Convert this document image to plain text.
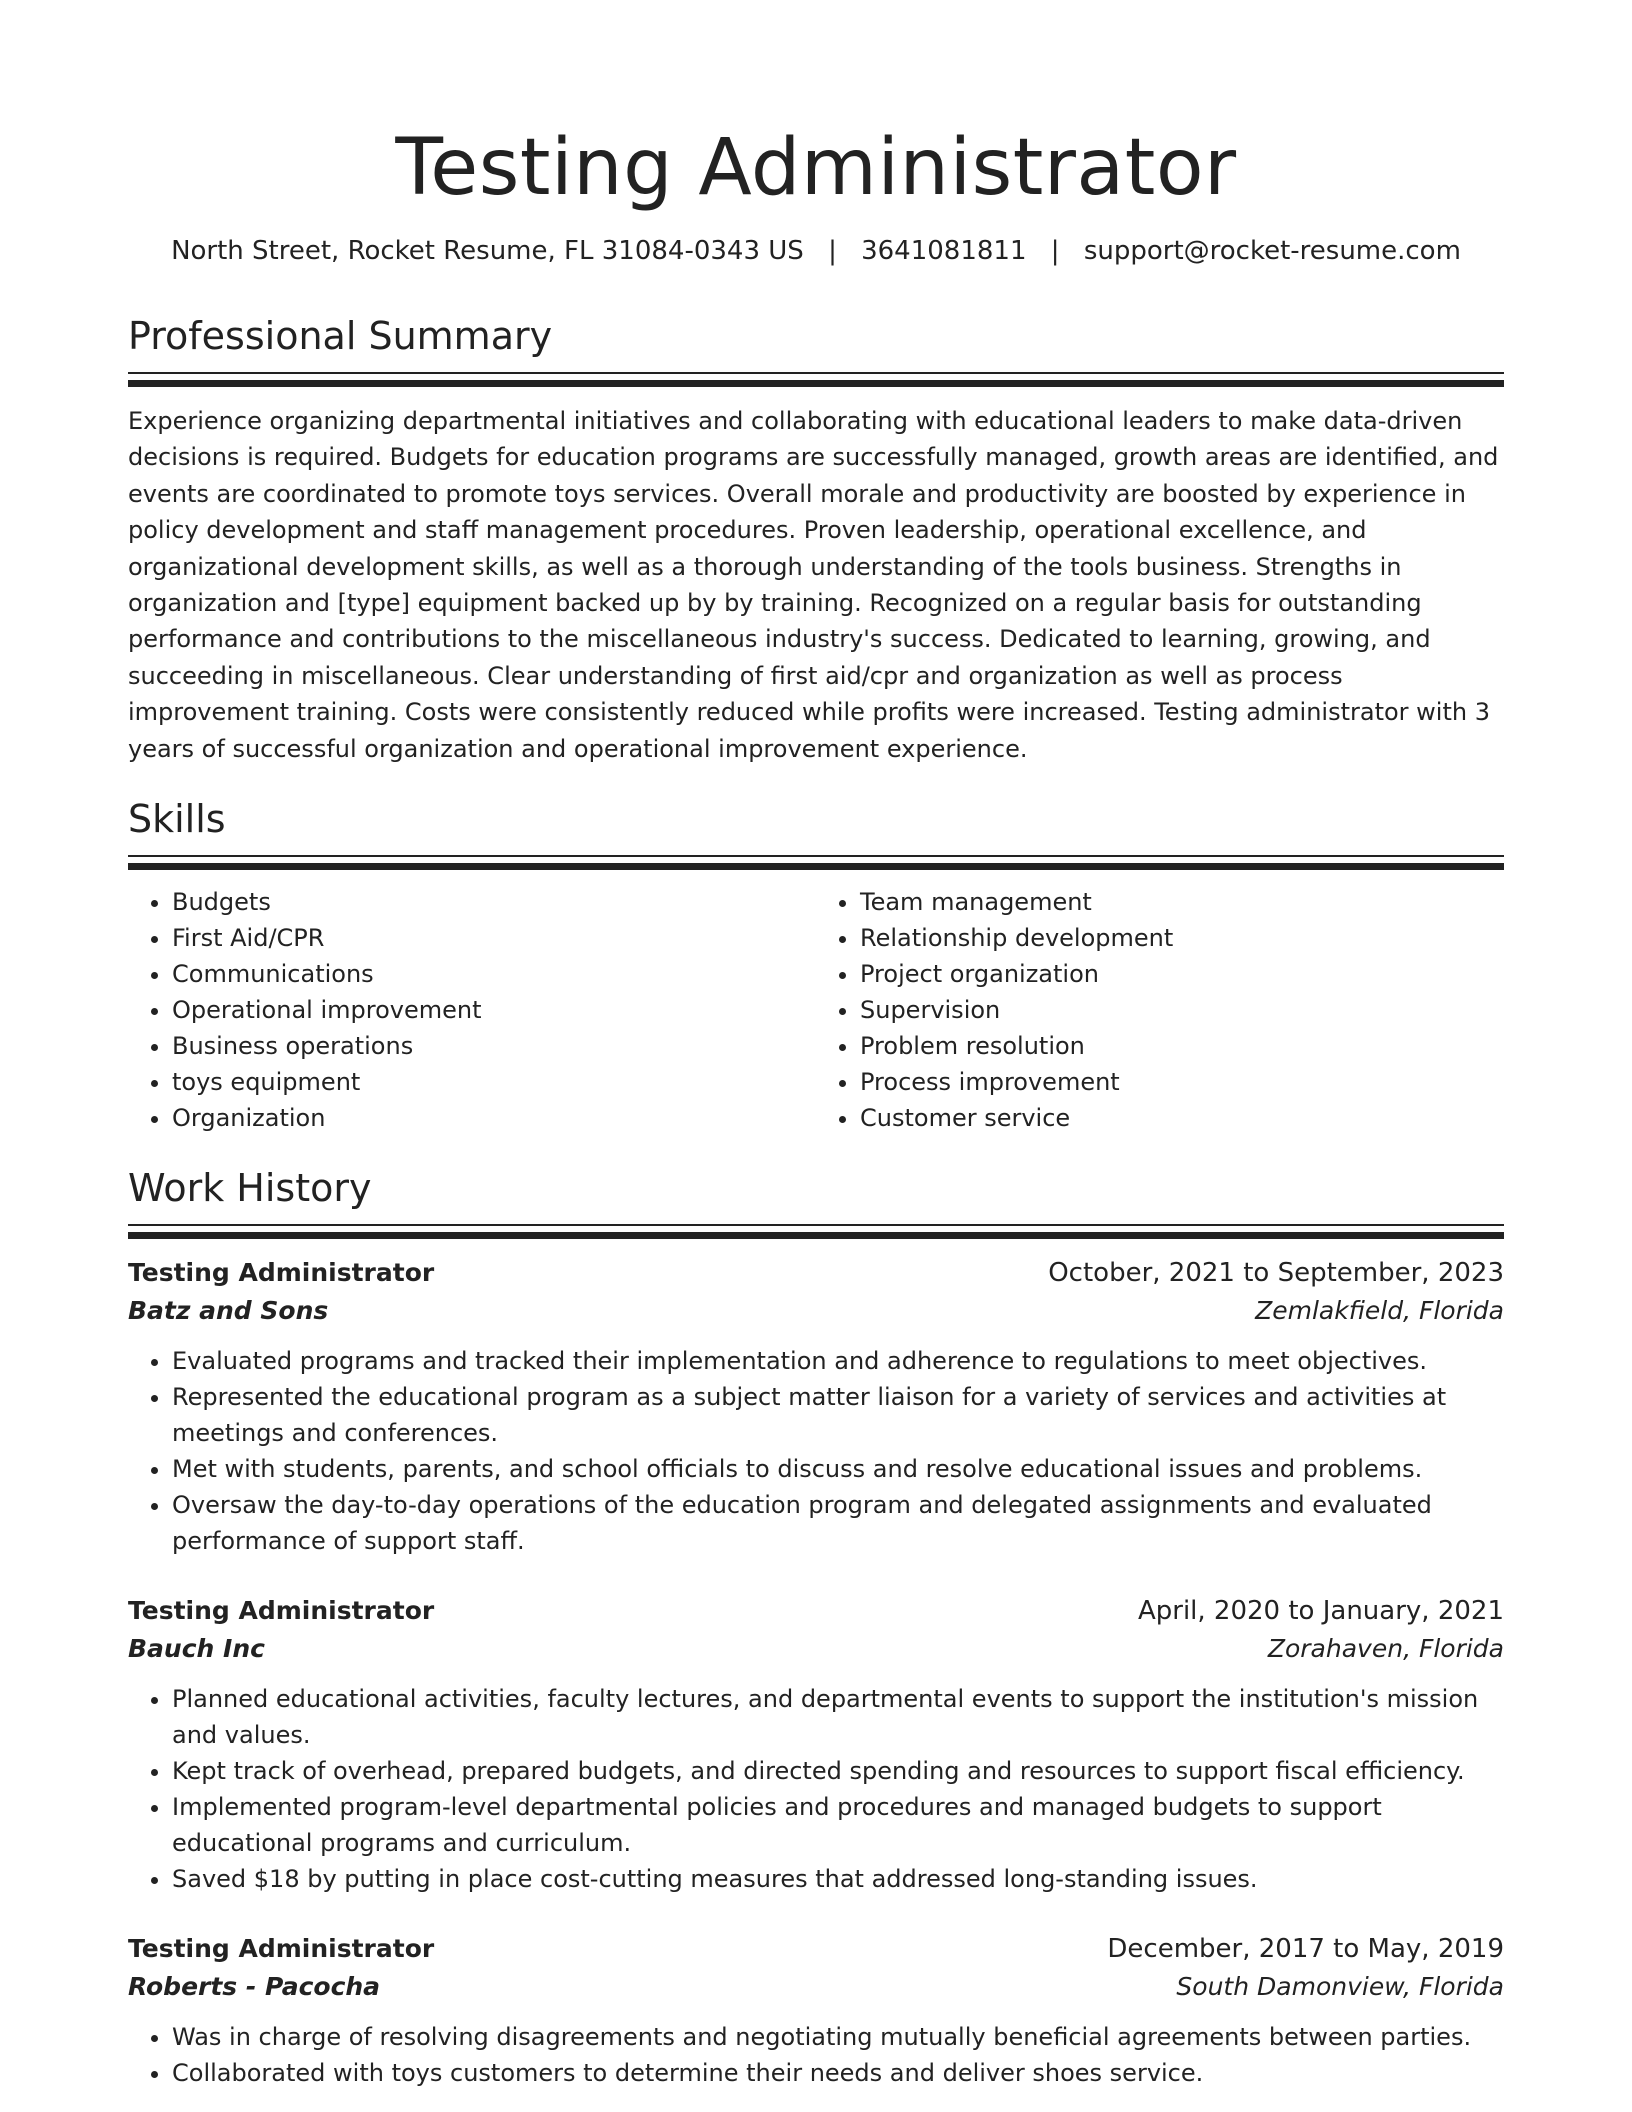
Testing Administrator
North Street, Rocket Resume, FL 31084-0343 US | 3641081811 | support@rocket-resume.com
Professional Summary

Experience organizing departmental initiatives and collaborating with educational leaders to make data-driven decisions is required. Budgets for education programs are successfully managed, growth areas are identified, and events are coordinated to promote toys services. Overall morale and productivity are boosted by experience in policy development and staff management procedures. Proven leadership, operational excellence, and organizational development skills, as well as a thorough understanding of the tools business. Strengths in organization and [type] equipment backed up by by training. Recognized on a regular basis for outstanding performance and contributions to the miscellaneous industry's success. Dedicated to learning, growing, and succeeding in miscellaneous. Clear understanding of first aid/cpr and organization as well as process improvement training. Costs were consistently reduced while profits were increased. Testing administrator with 3 years of successful organization and operational improvement experience.

Skills
• Budgets
• First Aid/CPR
• Communications
• Operational improvement
• Business operations
• toys equipment
• Organization
• Team management
• Relationship development
• Project organization
• Supervision
• Problem resolution
• Process improvement
• Customer service
Work History
Testing Administrator	October, 2021 to September, 2023
Batz and Sons	Zemlakfield, Florida
• Evaluated programs and tracked their implementation and adherence to regulations to meet objectives.
• Represented the educational program as a subject matter liaison for a variety of services and activities at meetings and conferences.
• Met with students, parents, and school officials to discuss and resolve educational issues and problems.
• Oversaw the day-to-day operations of the education program and delegated assignments and evaluated performance of support staff.
Testing Administrator	April, 2020 to January, 2021
Bauch Inc	Zorahaven, Florida
• Planned educational activities, faculty lectures, and departmental events to support the institution's mission and values.
• Kept track of overhead, prepared budgets, and directed spending and resources to support fiscal efficiency.
• Implemented program-level departmental policies and procedures and managed budgets to support educational programs and curriculum.
• Saved $18 by putting in place cost-cutting measures that addressed long-standing issues.
Testing Administrator	December, 2017 to May, 2019
Roberts - Pacocha	South Damonview, Florida
• Was in charge of resolving disagreements and negotiating mutually beneficial agreements between parties.
• Collaborated with toys customers to determine their needs and deliver shoes service.
